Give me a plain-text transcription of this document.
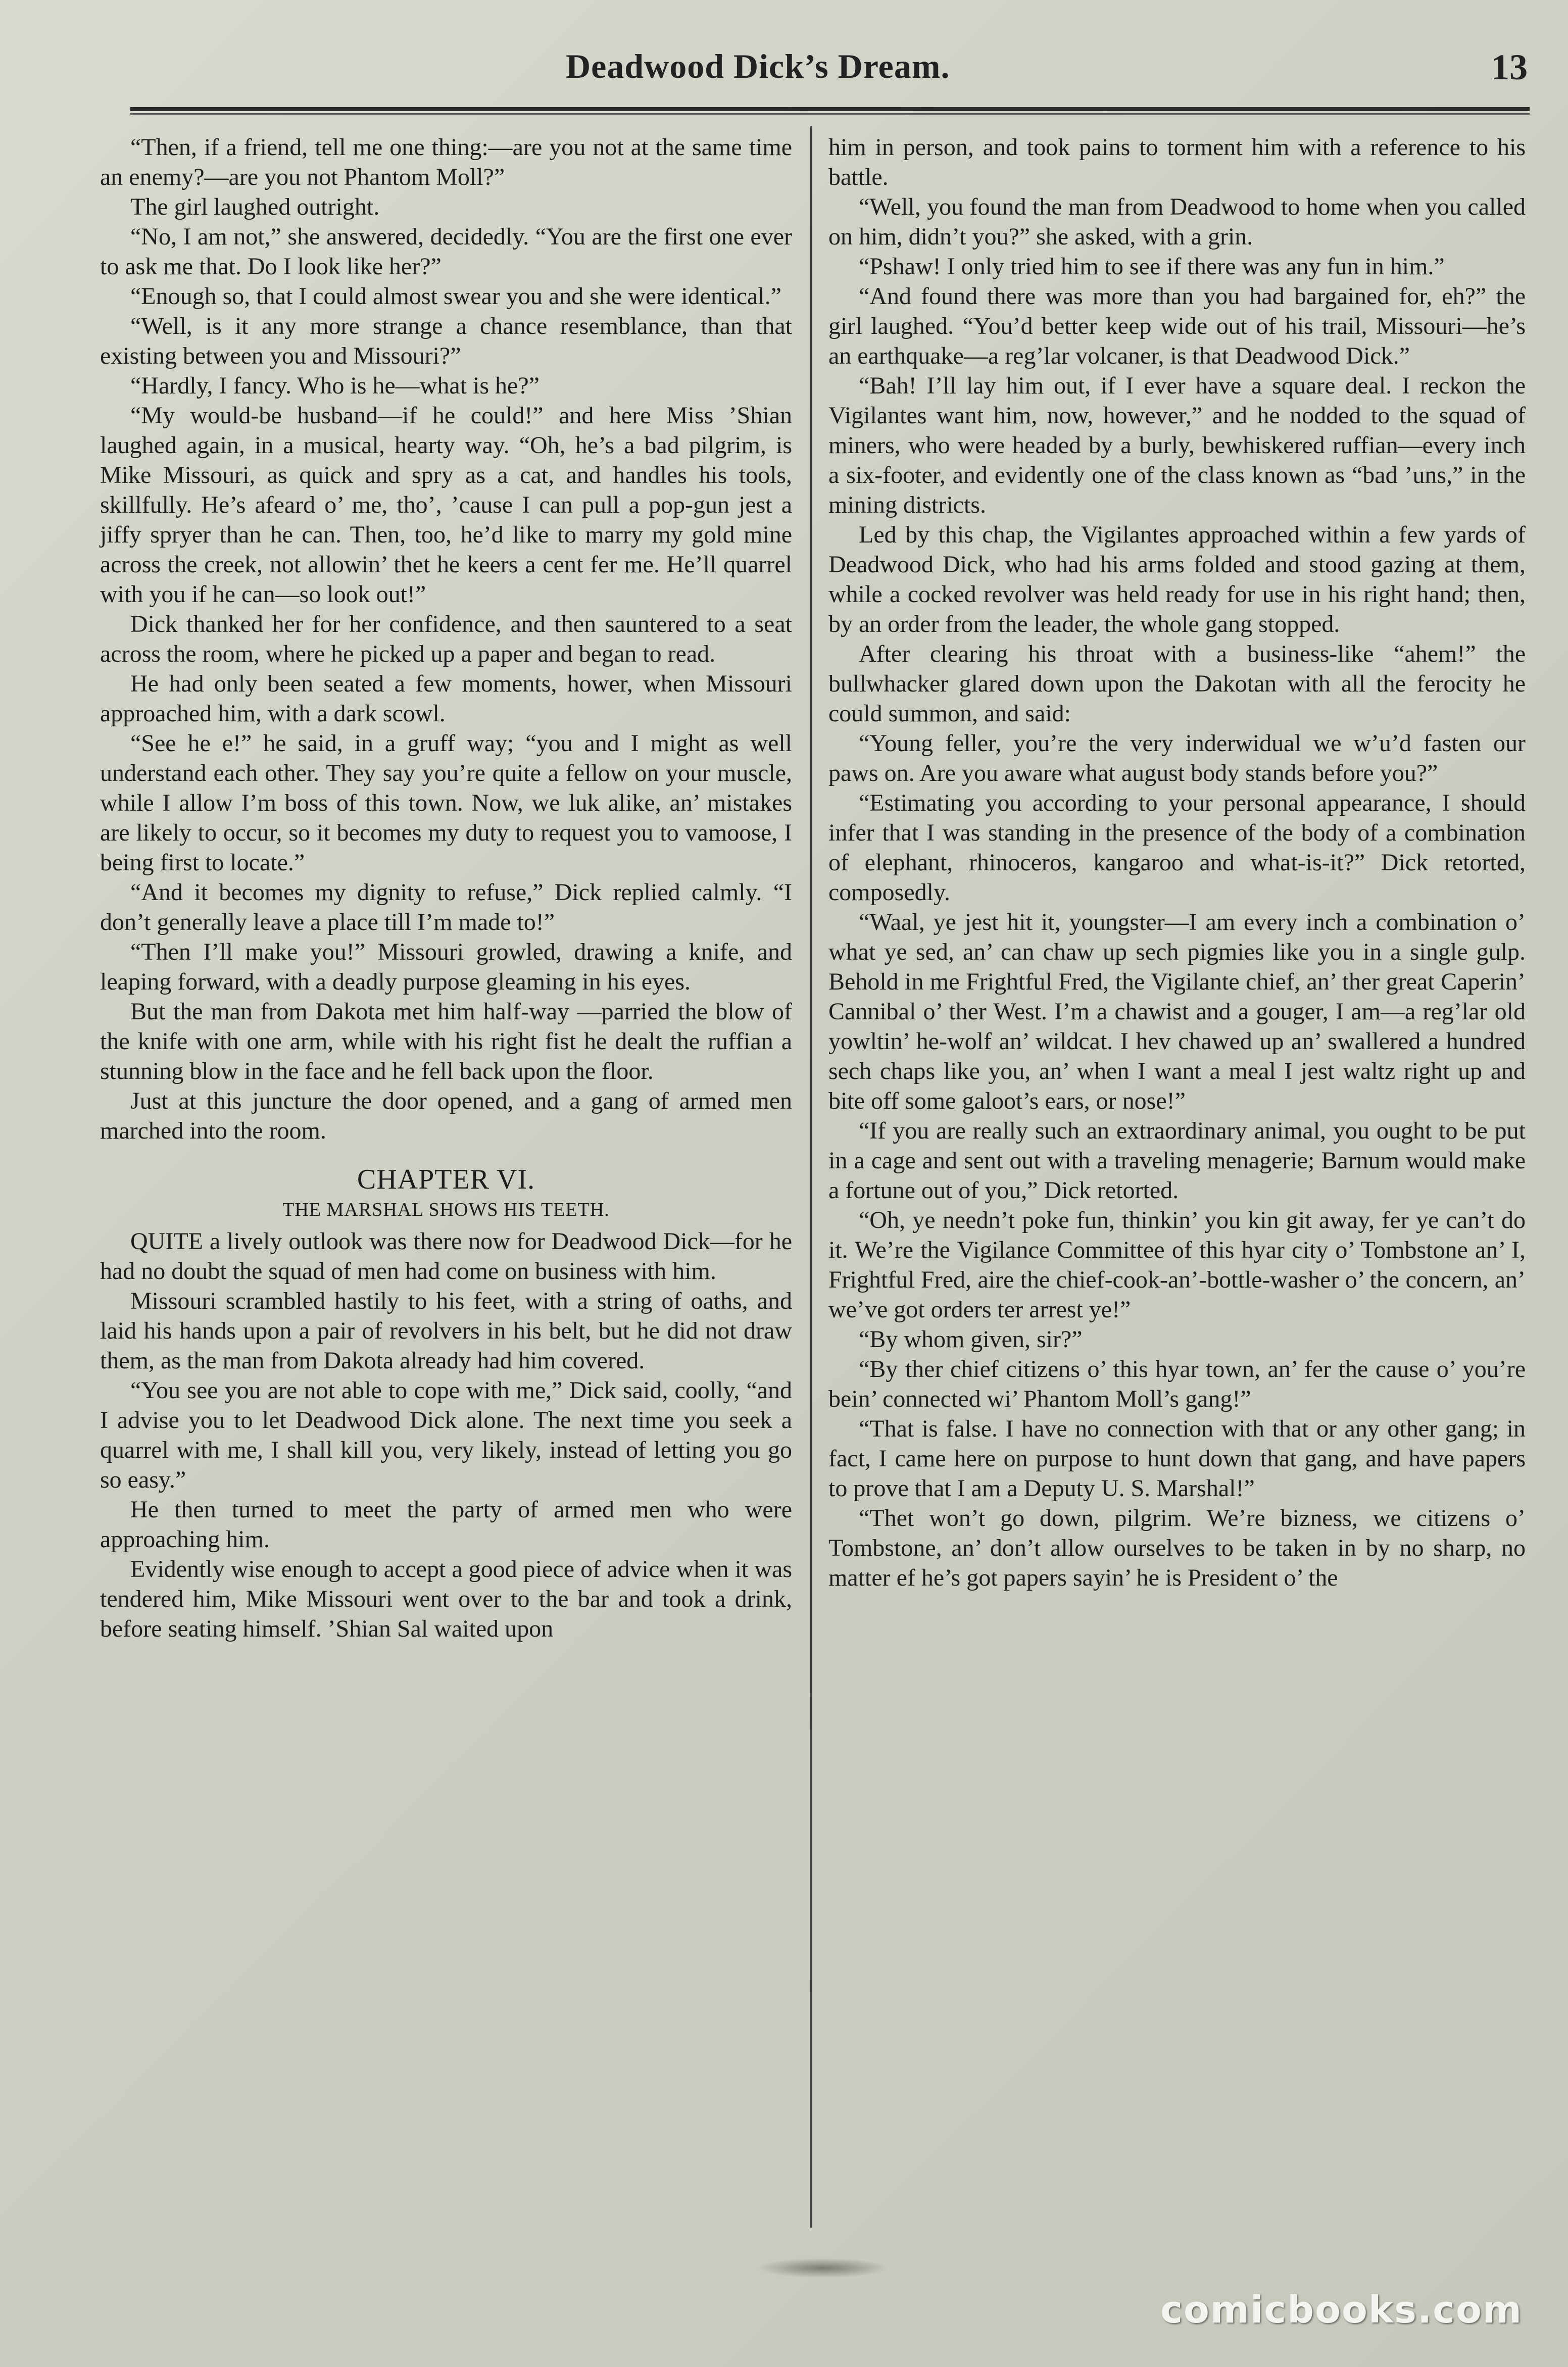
Deadwood Dick’s Dream.	13

“Then, if a friend, tell me one thing:—are you not at the same time an enemy?—are you not Phantom Moll?”

The girl laughed outright.

“No, I am not,” she answered, decidedly. “You are the first one ever to ask me that. Do I look like her?”

“Enough so, that I could almost swear you and she were identical.”

“Well, is it any more strange a chance resemblance, than that existing between you and Missouri?”

“Hardly, I fancy. Who is he—what is he?”

“My would-be husband—if he could!” and here Miss ’Shian laughed again, in a musical, hearty way. “Oh, he’s a bad pilgrim, is Mike Missouri, as quick and spry as a cat, and handles his tools, skillfully. He’s afeard o’ me, tho’, ’cause I can pull a pop-gun jest a jiffy spryer than he can. Then, too, he’d like to marry my gold mine across the creek, not allowin’ thet he keers a cent fer me. He’ll quarrel with you if he can—so look out!”

Dick thanked her for her confidence, and then sauntered to a seat across the room, where he picked up a paper and began to read.

He had only been seated a few moments, hower, when Missouri approached him, with a dark scowl.

“See he e!” he said, in a gruff way; “you and I might as well understand each other. They say you’re quite a fellow on your muscle, while I allow I’m boss of this town. Now, we luk alike, an’ mistakes are likely to occur, so it becomes my duty to request you to vamoose, I being first to locate.”

“And it becomes my dignity to refuse,” Dick replied calmly. “I don’t generally leave a place till I’m made to!”

“Then I’ll make you!” Missouri growled, drawing a knife, and leaping forward, with a deadly purpose gleaming in his eyes.

But the man from Dakota met him half-way —parried the blow of the knife with one arm, while with his right fist he dealt the ruffian a stunning blow in the face and he fell back upon the floor.

Just at this juncture the door opened, and a gang of armed men marched into the room.

CHAPTER VI.
THE MARSHAL SHOWS HIS TEETH.

QUITE a lively outlook was there now for Deadwood Dick—for he had no doubt the squad of men had come on business with him.

Missouri scrambled hastily to his feet, with a string of oaths, and laid his hands upon a pair of revolvers in his belt, but he did not draw them, as the man from Dakota already had him covered.

“You see you are not able to cope with me,” Dick said, coolly, “and I advise you to let Deadwood Dick alone. The next time you seek a quarrel with me, I shall kill you, very likely, instead of letting you go so easy.”

He then turned to meet the party of armed men who were approaching him.

Evidently wise enough to accept a good piece of advice when it was tendered him, Mike Missouri went over to the bar and took a drink, before seating himself. ’Shian Sal waited upon

him in person, and took pains to torment him with a reference to his battle.

“Well, you found the man from Deadwood to home when you called on him, didn’t you?” she asked, with a grin.

“Pshaw! I only tried him to see if there was any fun in him.”

“And found there was more than you had bargained for, eh?” the girl laughed. “You’d better keep wide out of his trail, Missouri—he’s an earthquake—a reg’lar volcaner, is that Deadwood Dick.”

“Bah! I’ll lay him out, if I ever have a square deal. I reckon the Vigilantes want him, now, however,” and he nodded to the squad of miners, who were headed by a burly, bewhiskered ruffian—every inch a six-footer, and evidently one of the class known as “bad ’uns,” in the mining districts.

Led by this chap, the Vigilantes approached within a few yards of Deadwood Dick, who had his arms folded and stood gazing at them, while a cocked revolver was held ready for use in his right hand; then, by an order from the leader, the whole gang stopped.

After clearing his throat with a business-like “ahem!” the bullwhacker glared down upon the Dakotan with all the ferocity he could summon, and said:

“Young feller, you’re the very inderwidual we w’u’d fasten our paws on. Are you aware what august body stands before you?”

“Estimating you according to your personal appearance, I should infer that I was standing in the presence of the body of a combination of elephant, rhinoceros, kangaroo and what-is-it?” Dick retorted, composedly.

“Waal, ye jest hit it, youngster—I am every inch a combination o’ what ye sed, an’ can chaw up sech pigmies like you in a single gulp. Behold in me Frightful Fred, the Vigilante chief, an’ ther great Caperin’ Cannibal o’ ther West. I’m a chawist and a gouger, I am—a reg’lar old yowltin’ he-wolf an’ wildcat. I hev chawed up an’ swallered a hundred sech chaps like you, an’ when I want a meal I jest waltz right up and bite off some galoot’s ears, or nose!”

“If you are really such an extraordinary animal, you ought to be put in a cage and sent out with a traveling menagerie; Barnum would make a fortune out of you,” Dick retorted.

“Oh, ye needn’t poke fun, thinkin’ you kin git away, fer ye can’t do it. We’re the Vigilance Committee of this hyar city o’ Tombstone an’ I, Frightful Fred, aire the chief-cook-an’-bottle-washer o’ the concern, an’ we’ve got orders ter arrest ye!”

“By whom given, sir?”

“By ther chief citizens o’ this hyar town, an’ fer the cause o’ you’re bein’ connected wi’ Phantom Moll’s gang!”

“That is false. I have no connection with that or any other gang; in fact, I came here on purpose to hunt down that gang, and have papers to prove that I am a Deputy U. S. Marshal!”

“Thet won’t go down, pilgrim. We’re bizness, we citizens o’ Tombstone, an’ don’t allow ourselves to be taken in by no sharp, no matter ef he’s got papers sayin’ he is President o’ the

comicbooks.com
